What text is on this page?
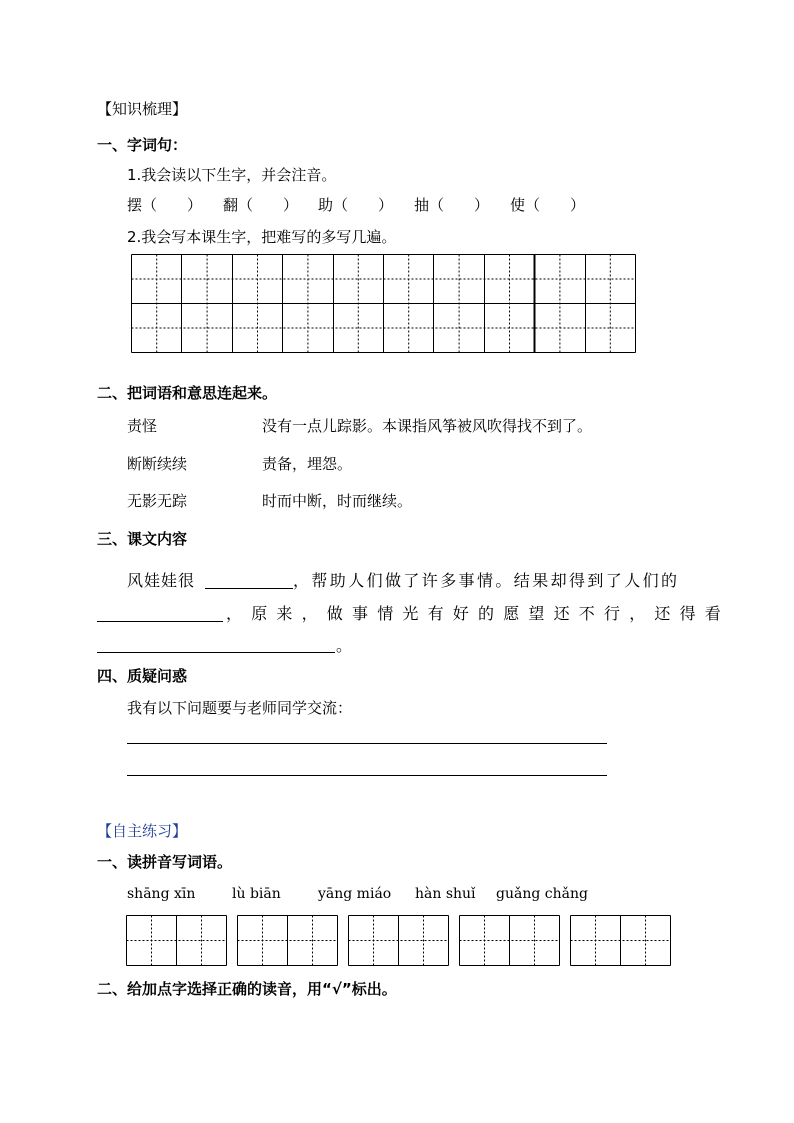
【知识梳理】
一、字词句：
1.我会读以下生字，并会注音。
摆（　　） 翻（　　） 助（　　） 抽（　　） 使（　　）
2.我会写本课生字，把难写的多写几遍。
二、把词语和意思连起来。
责怪	没有一点儿踪影。本课指风筝被风吹得找不到了。
断断续续	责备，埋怨。
无影无踪	时而中断，时而继续。
三、课文内容
风娃娃很	，帮助人们做了许多事情。结果却得到了人们的
，原来，做事情光有好的愿望还不行，还得看
。
四、质疑问惑
我有以下问题要与老师同学交流：
【自主练习】
一、读拼音写词语。
shāng xīn	lù biān	yāng miáo hàn shuǐ guǎng chǎng
二、给加点字选择正确的读音，用“√”标出。
